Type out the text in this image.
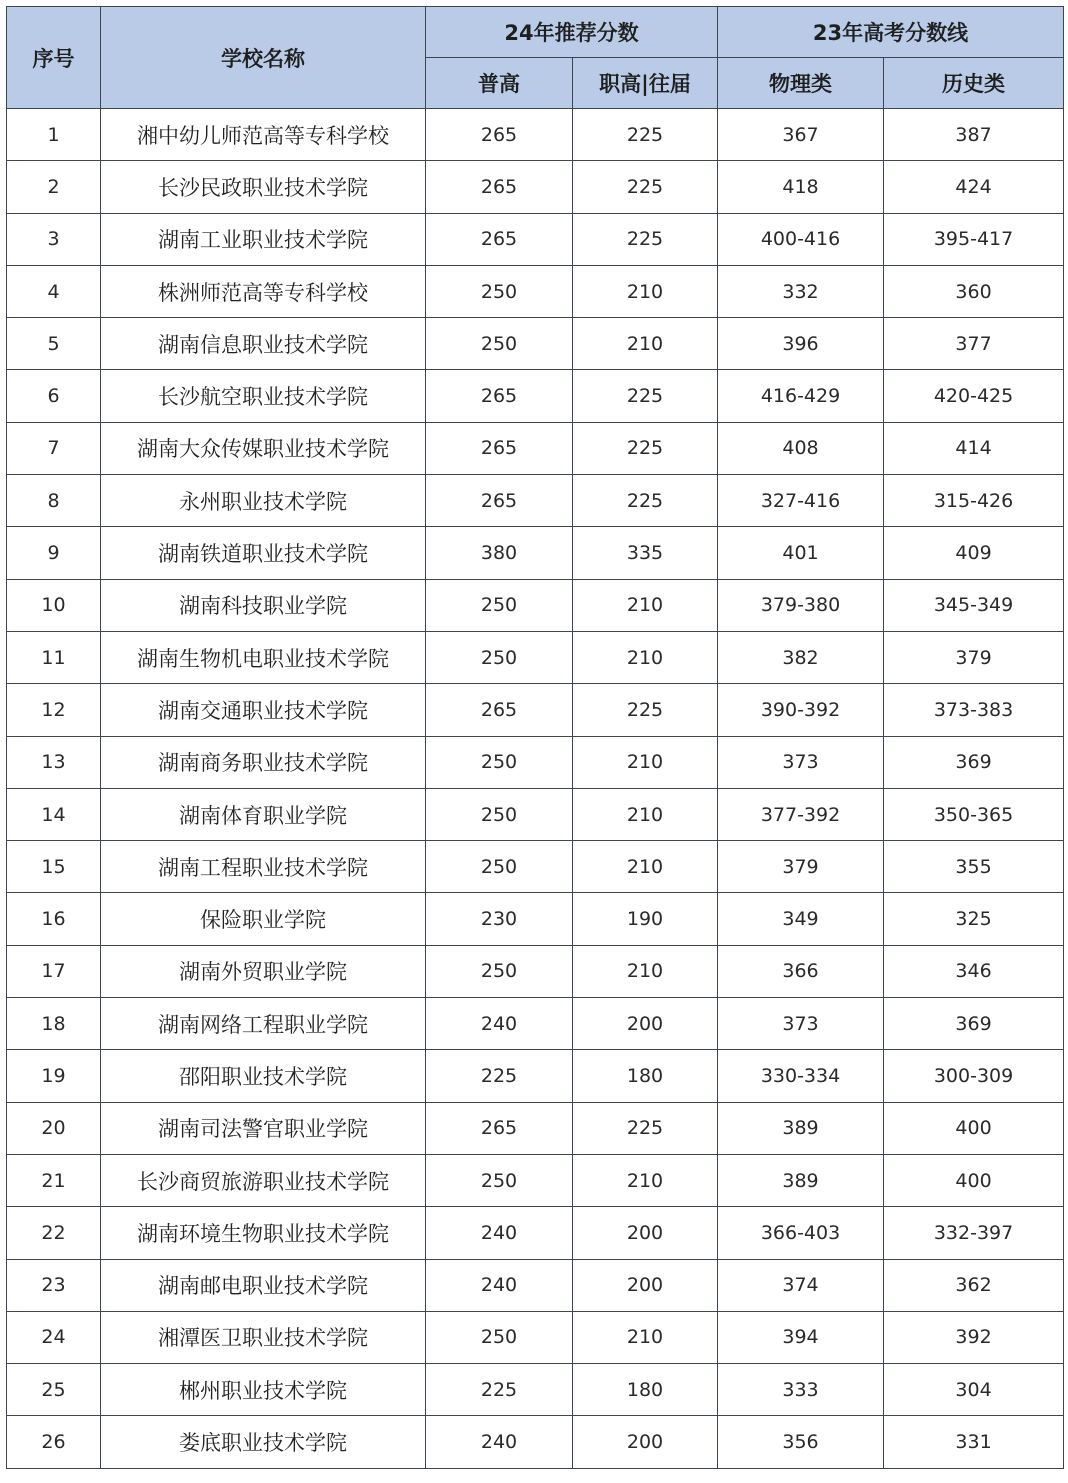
序号	学校名称	24年推荐分数		23年高考分数线	
		普高	职高|往届	物理类	历史类
1	湘中幼儿师范高等专科学校	265	225	367	387
2	长沙民政职业技术学院	265	225	418	424
3	湖南工业职业技术学院	265	225	400-416	395-417
4	株洲师范高等专科学校	250	210	332	360
5	湖南信息职业技术学院	250	210	396	377
6	长沙航空职业技术学院	265	225	416-429	420-425
7	湖南大众传媒职业技术学院	265	225	408	414
8	永州职业技术学院	265	225	327-416	315-426
9	湖南铁道职业技术学院	380	335	401	409
10	湖南科技职业学院	250	210	379-380	345-349
11	湖南生物机电职业技术学院	250	210	382	379
12	湖南交通职业技术学院	265	225	390-392	373-383
13	湖南商务职业技术学院	250	210	373	369
14	湖南体育职业学院	250	210	377-392	350-365
15	湖南工程职业技术学院	250	210	379	355
16	保险职业学院	230	190	349	325
17	湖南外贸职业学院	250	210	366	346
18	湖南网络工程职业学院	240	200	373	369
19	邵阳职业技术学院	225	180	330-334	300-309
20	湖南司法警官职业学院	265	225	389	400
21	长沙商贸旅游职业技术学院	250	210	389	400
22	湖南环境生物职业技术学院	240	200	366-403	332-397
23	湖南邮电职业技术学院	240	200	374	362
24	湘潭医卫职业技术学院	250	210	394	392
25	郴州职业技术学院	225	180	333	304
26	娄底职业技术学院	240	200	356	331
